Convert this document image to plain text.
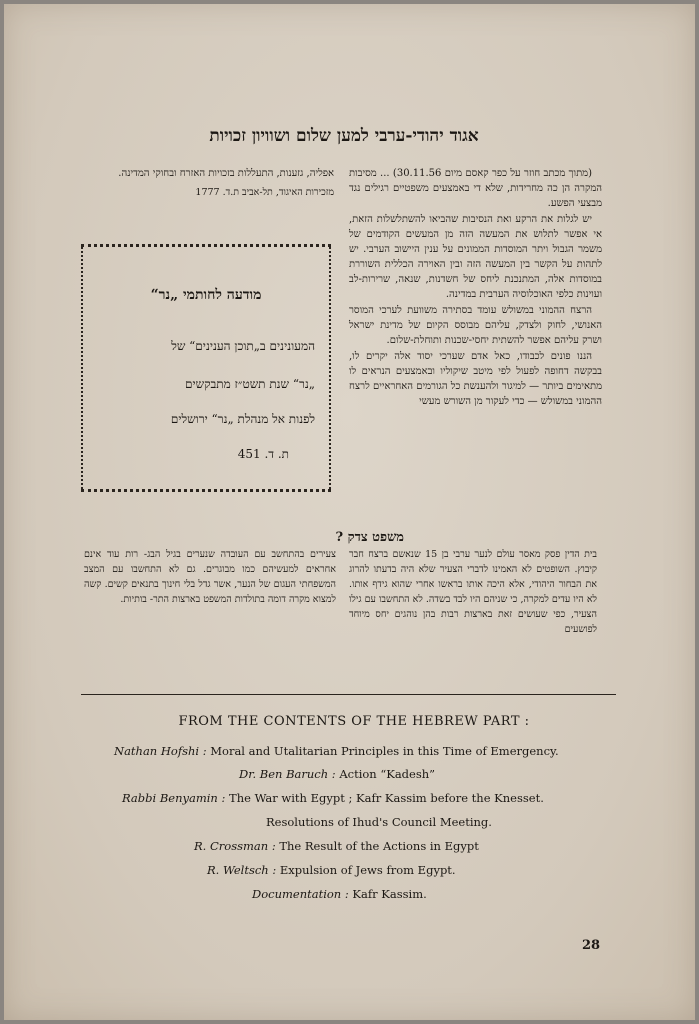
אגוד יהודי-ערבי למען שלום ושוויון זכויות

(מתוך מכתב חוזר על כפר קאסם מיום 30.11.56) ... מסיבות המקרה הן כה מחרידות, שלא די באמצעים משפטיים רגילים נגד מבצעי הפשע.

יש לגלות את הרקע ואת הנסיבות שהביאו להשתלשלות הזאת, אי אפשר לתלוש את המעשה הזה מן המעשים הקודמים של משמר הגבול ויתר המוסדות הממונים על ענין היישוב הערבי. יש לתהות על הקשר בין המעשה הזה ובין האוירה הכללית השוררת במוסדות אלה, המתנכנת ליחס של חשדנות, שנאה, שרירות-לב ועוינות כלפי האוכלוסיה הערבית במדינה.

הרצח ההמוני במשולש עומד בסתירה משוועת לערכי המוסר האנושי, לחוק ולצדק, עליהם מבוסס הקיום של מדינת ישראל ושרק עליהם אפשר להשתית יחסי-שכנות ותוחלת-שלום.

הננו פונים לכבודו, כאל אדם שערכי יסוד אלה יקרים לו, בבקשה דחופה לפעול לפי מיטב שיקוליו ובאמצעים הנראים לו מתאימים ביותר — למיגור ולהענשת כל הגורמים האחראיים לרצח ההמוני במשולש — כדי לעקור מן השורש מעשי

אפליה, גזענות, התעללות בזכויות האזרח ובחוקי המדינה.

מזכירות האיגוד, תל-אביב ת.ד. 1777

מודעה לחותמי „נר“
המעונינים ב„תוכן הענינים“ של
„נר“ שנת תשט״ז מתבקשים
לפנות אל מנהלת „נר“ ירושלים
ת. ד. 451
משפט צדק ?
בית הדין פסק מאסר עולם לנער ערבי בן 15 שנאשם ברצח חבר קיבוץ. השופטים לא האמינו לדברי הצעיר שלא היה בדעתו להרוג את הבחור היהודי, אלא היכה אותו בראשו אחרי שהוא גידף אותו. לא היו עדים למקרה, כי שניהם היו לבד בשדה. לא התחשבו עם גילו הצעיר, כפי שעושים זאת בארצות רבות בהן נוהגים יחס מיוחד לפושעים
צעירים בהתחשב עם העובדה שנערים בגיל הבג- רות עוד אינם אחראים למעשיהם כמו מבוגרים. גם לא התחשבו עם המצב המשפחתי העגום של הנער, אשר גדל בלי חינוך בתנאים קשים. קשה למצוא מקרה דומה בתולדות המשפט בארצות התר- בותיות.
FROM THE CONTENTS OF THE HEBREW PART :
Nathan Hofshi : Moral and Utalitarian Principles in this Time of Emergency.
Dr. Ben Baruch : Action “Kadesh”
Rabbi Benyamin : The War with Egypt ; Kafr Kassim before the Knesset.
Resolutions of Ihud's Council Meeting.
R. Crossman : The Result of the Actions in Egypt
R. Weltsch : Expulsion of Jews from Egypt.
Documentation : Kafr Kassim.
28
